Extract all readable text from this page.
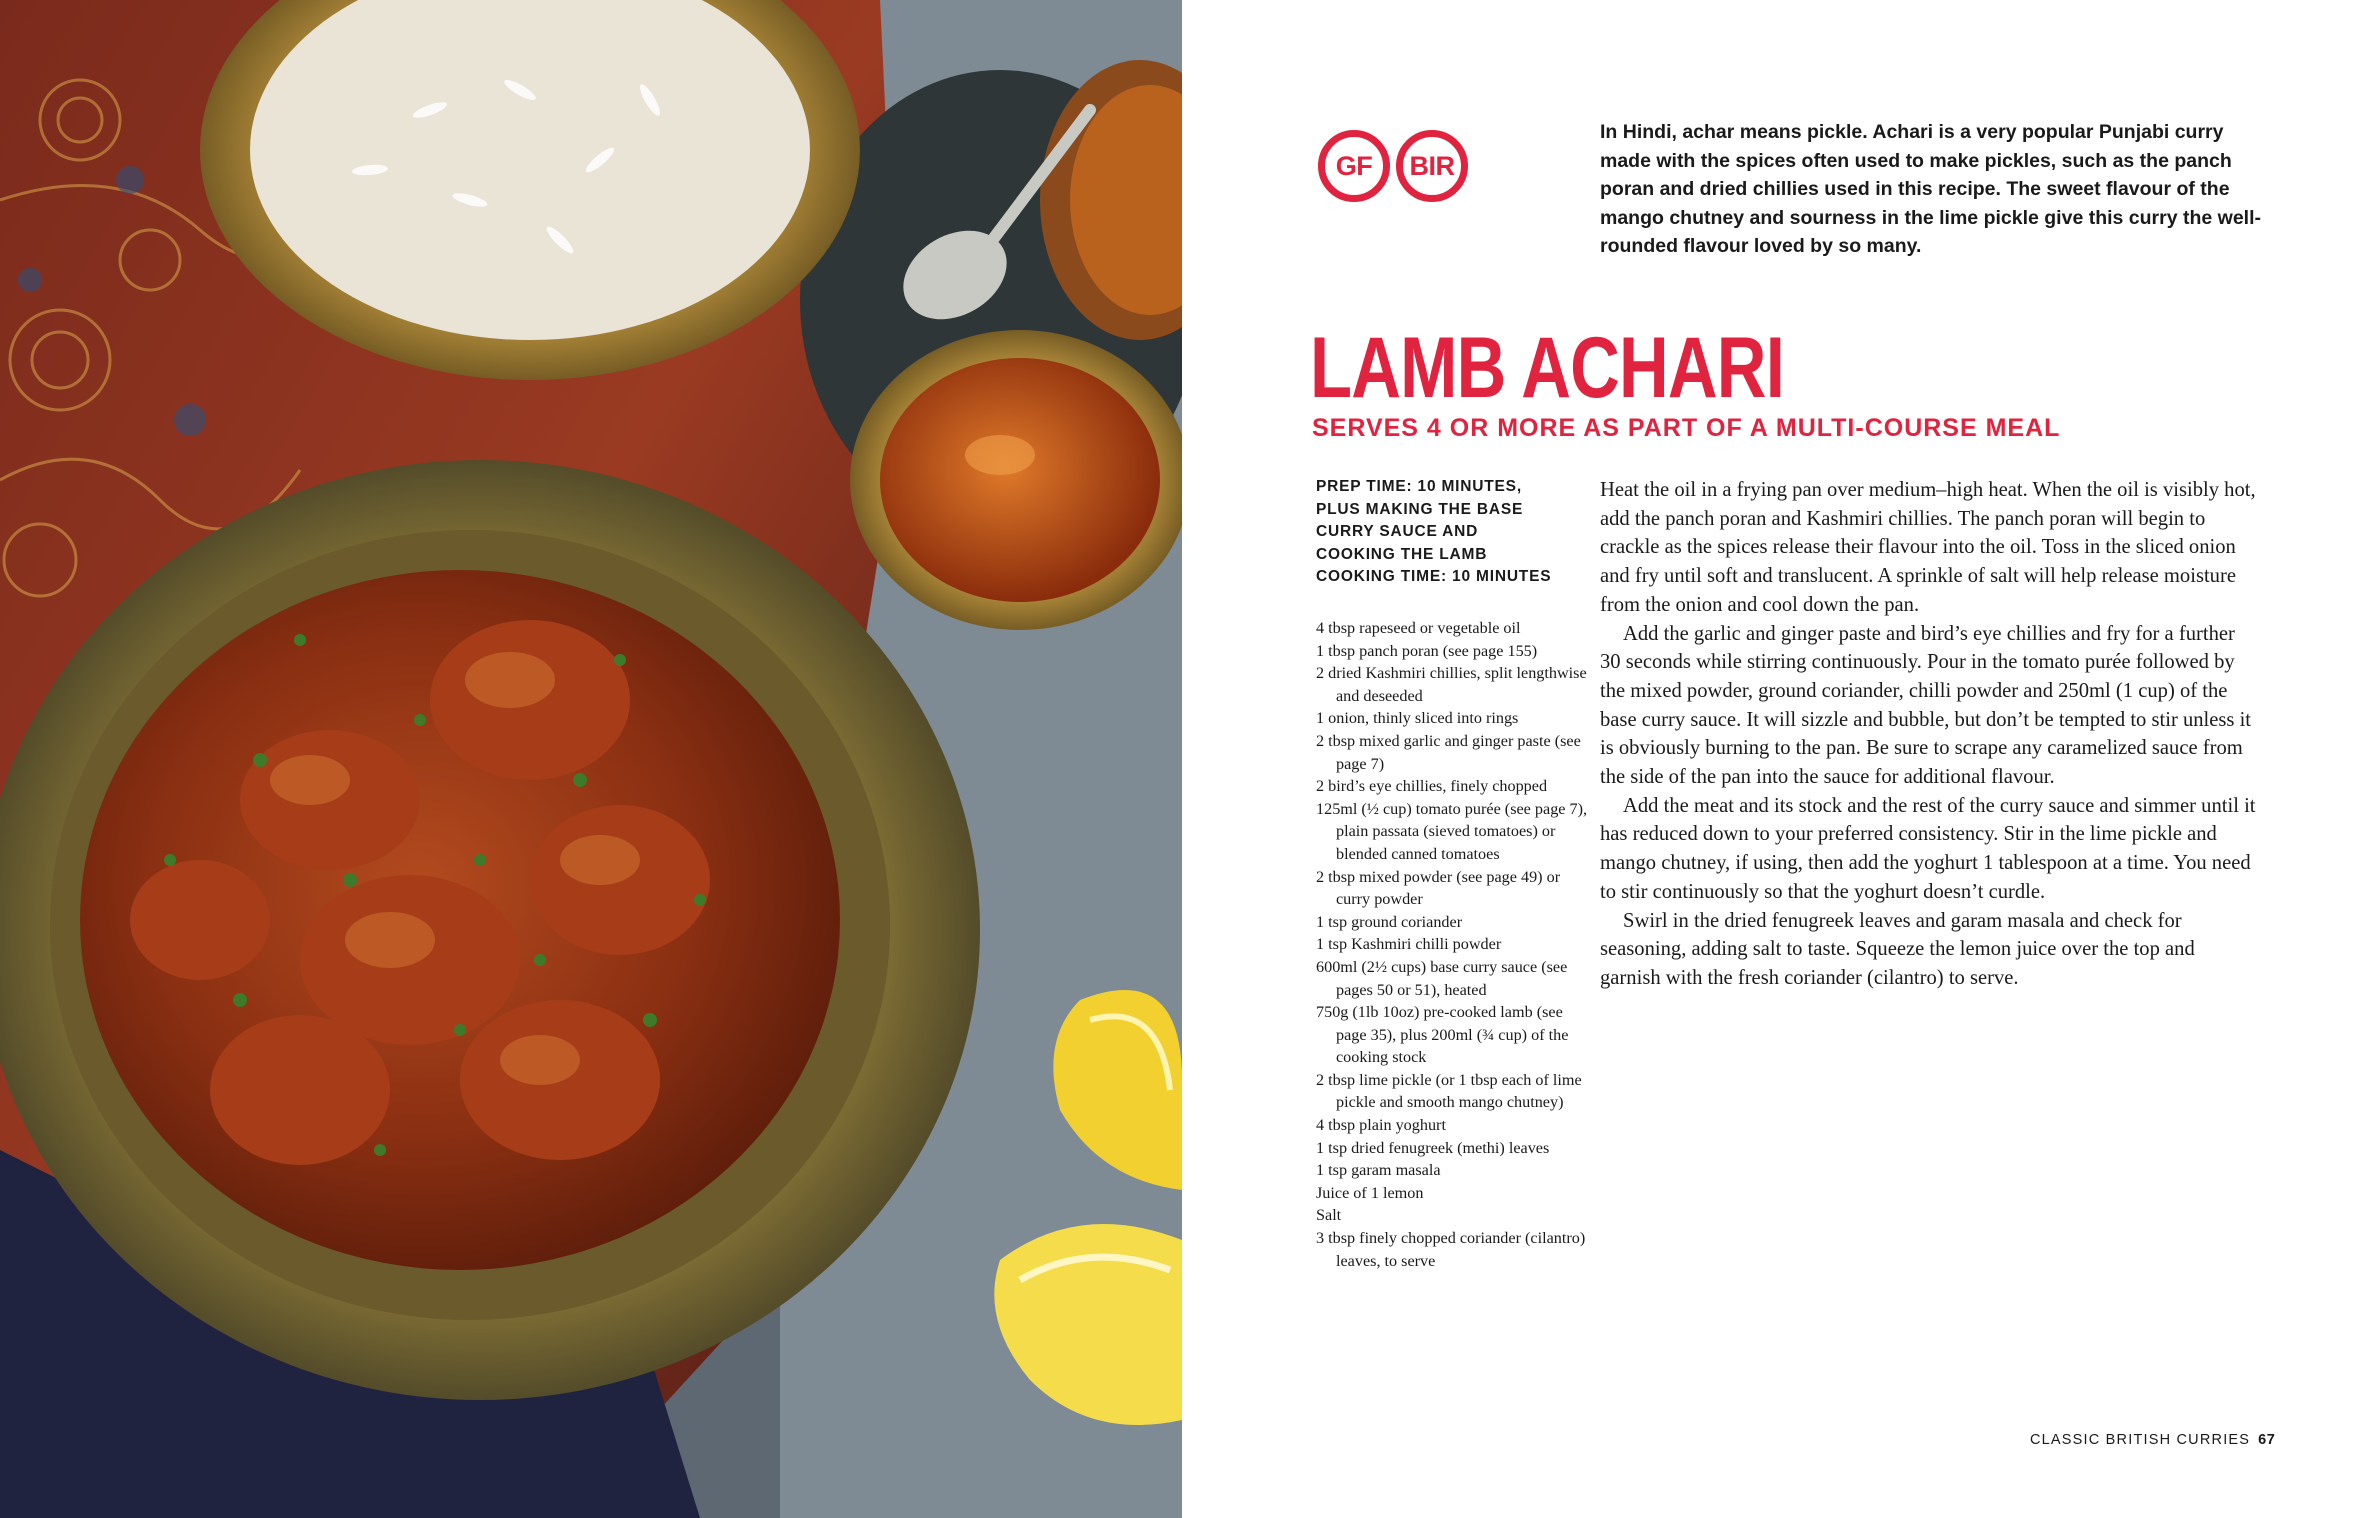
GF	BIR
In Hindi, achar means pickle. Achari is a very popular Punjabi curry made with the spices often used to make pickles, such as the panch poran and dried chillies used in this recipe. The sweet flavour of the mango chutney and sourness in the lime pickle give this curry the well-rounded flavour loved by so many.
LAMB ACHARI
SERVES 4 OR MORE AS PART OF A MULTI-COURSE MEAL
PREP TIME: 10 MINUTES,
PLUS MAKING THE BASE
CURRY SAUCE AND
COOKING THE LAMB
COOKING TIME: 10 MINUTES
4 tbsp rapeseed or vegetable oil
1 tbsp panch poran (see page 155)
2 dried Kashmiri chillies, split lengthwise and deseeded
1 onion, thinly sliced into rings
2 tbsp mixed garlic and ginger paste (see page 7)
2 bird’s eye chillies, finely chopped
125ml (½ cup) tomato purée (see page 7), plain passata (sieved tomatoes) or blended canned tomatoes
2 tbsp mixed powder (see page 49) or curry powder
1 tsp ground coriander
1 tsp Kashmiri chilli powder
600ml (2½ cups) base curry sauce (see pages 50 or 51), heated
750g (1lb 10oz) pre-cooked lamb (see page 35), plus 200ml (¾ cup) of the cooking stock
2 tbsp lime pickle (or 1 tbsp each of lime pickle and smooth mango chutney)
4 tbsp plain yoghurt
1 tsp dried fenugreek (methi) leaves
1 tsp garam masala
Juice of 1 lemon
Salt
3 tbsp finely chopped coriander (cilantro) leaves, to serve

Heat the oil in a frying pan over medium–high heat. When the oil is visibly hot, add the panch poran and Kashmiri chillies. The panch poran will begin to crackle as the spices release their flavour into the oil. Toss in the sliced onion and fry until soft and translucent. A sprinkle of salt will help release moisture from the onion and cool down the pan.

Add the garlic and ginger paste and bird’s eye chillies and fry for a further 30 seconds while stirring continuously. Pour in the tomato purée followed by the mixed powder, ground coriander, chilli powder and 250ml (1 cup) of the base curry sauce. It will sizzle and bubble, but don’t be tempted to stir unless it is obviously burning to the pan. Be sure to scrape any caramelized sauce from the side of the pan into the sauce for additional flavour.

Add the meat and its stock and the rest of the curry sauce and simmer until it has reduced down to your preferred consistency. Stir in the lime pickle and mango chutney, if using, then add the yoghurt 1 tablespoon at a time. You need to stir continuously so that the yoghurt doesn’t curdle.

Swirl in the dried fenugreek leaves and garam masala and check for seasoning, adding salt to taste. Squeeze the lemon juice over the top and garnish with the fresh coriander (cilantro) to serve.

CLASSIC BRITISH CURRIES 67
